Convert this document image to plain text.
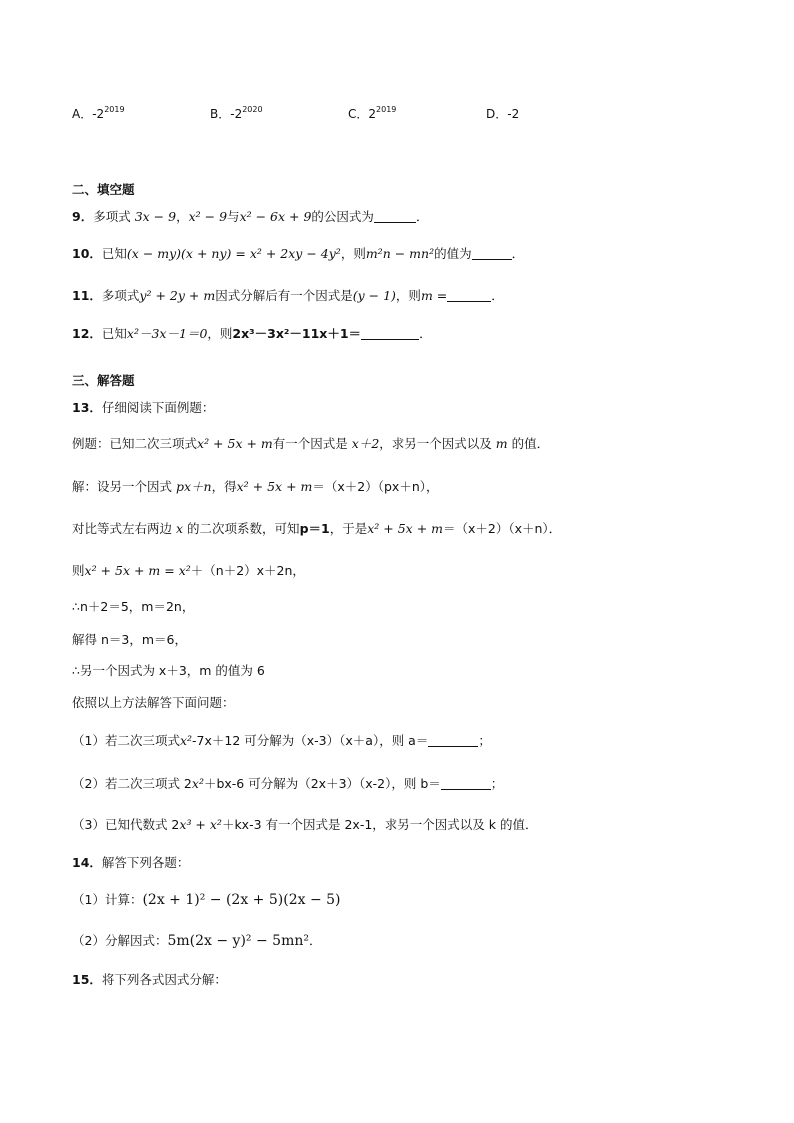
A．$-2^{2019}$	B．$-2^{2020}$	C．$2^{2019}$	D．-2
二、填空题
9．多项式 3x − 9，x² − 9与x² − 6x + 9的公因式为	．
10．已知(x − my)(x + ny) = x² + 2xy − 4y²，则m²n − mn²的值为	．
11．多项式y² + 2y + m因式分解后有一个因式是(y − 1)，则m =	．
12．已知x²－3x－1＝0，则2x³－3x²－11x＋1＝	．
三、解答题
13．仔细阅读下面例题：
例题：已知二次三项式x² + 5x + m有一个因式是 x＋2，求另一个因式以及 m 的值．
解：设另一个因式 px＋n，得x² + 5x + m＝（x＋2）（px＋n），
对比等式左右两边 x 的二次项系数，可知p＝1，于是x² + 5x + m＝（x＋2）（x＋n）．
则x² + 5x + m = x²＋（n＋2）x＋2n，
∴n＋2＝5，m＝2n，
解得 n＝3，m＝6，
∴另一个因式为 x＋3，m 的值为 6
依照以上方法解答下面问题：
（1）若二次三项式x²-7x＋12 可分解为（x-3）（x＋a），则 a＝	；
（2）若二次三项式 2x²＋bx-6 可分解为（2x＋3）（x-2），则 b＝	；
（3）已知代数式 2x³ + x²＋kx-3 有一个因式是 2x-1，求另一个因式以及 k 的值．
14．解答下列各题：
（1）计算：(2x + 1)² − (2x + 5)(2x − 5)
（2）分解因式：5m(2x − y)² − 5mn²．
15．将下列各式因式分解：
